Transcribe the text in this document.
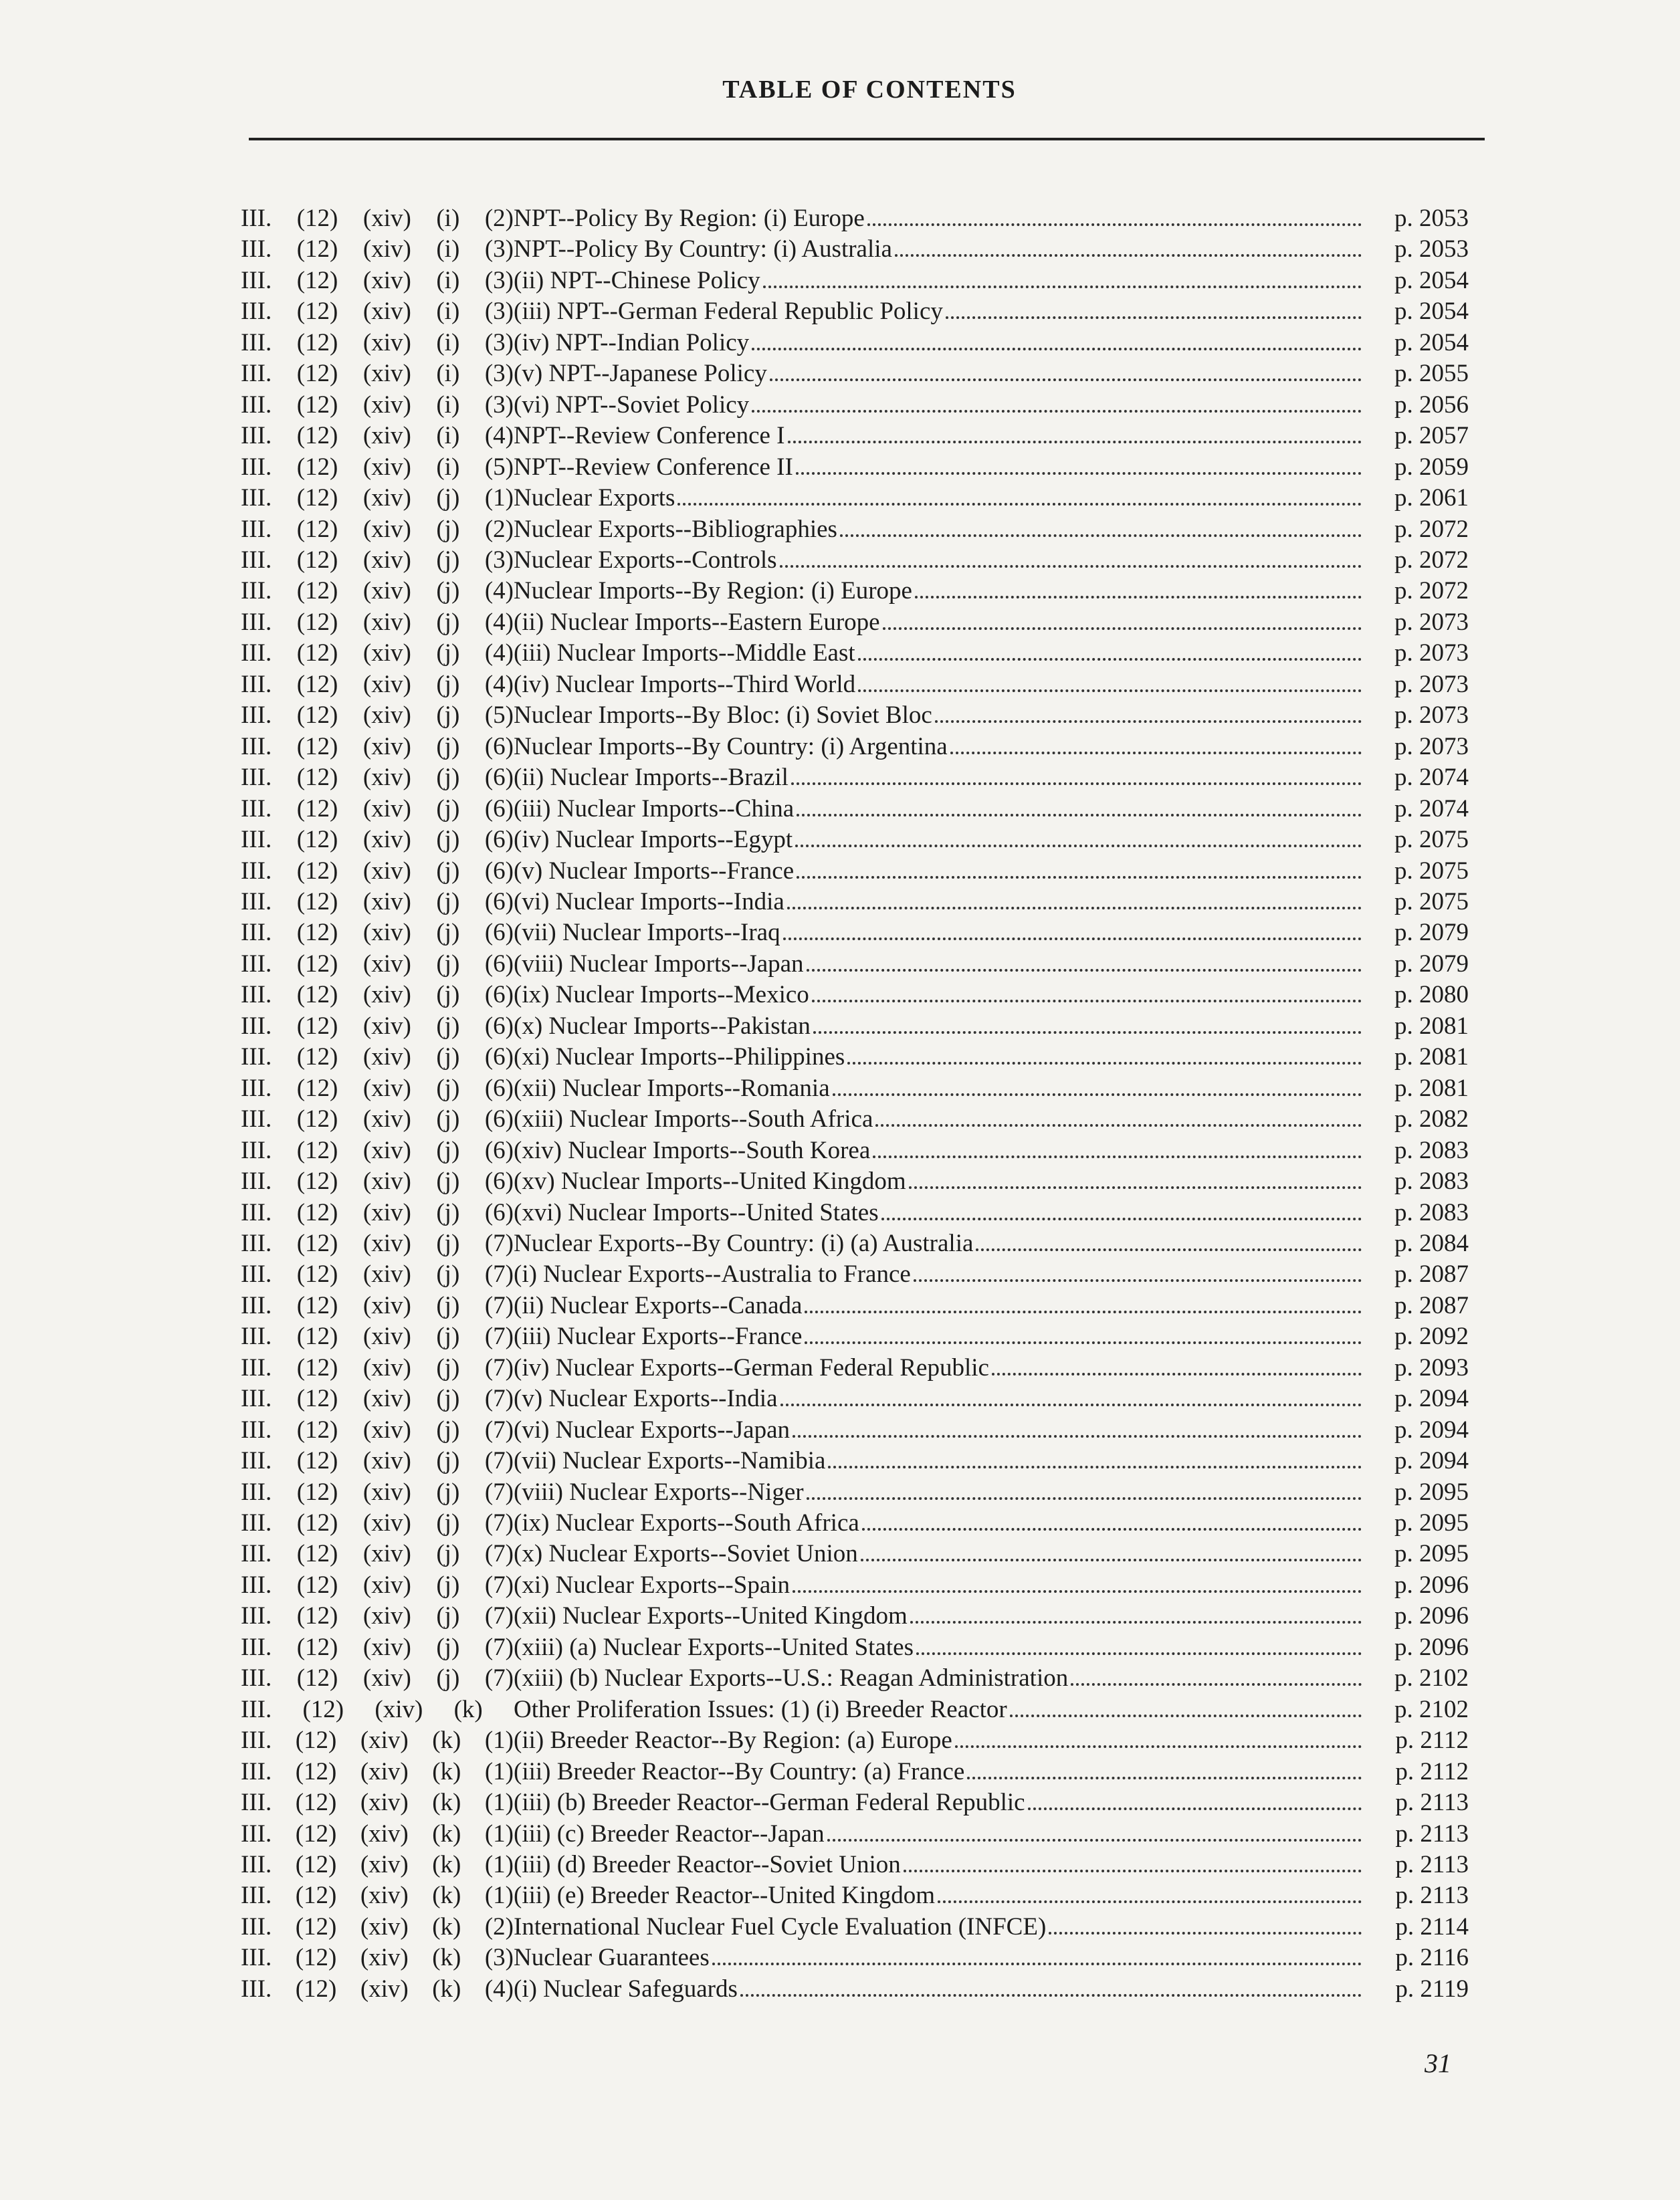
TABLE OF CONTENTS
III. (12) (xiv) (i) (2) NPT--Policy By Region: (i) Europe	p. 2053
III. (12) (xiv) (i) (3) NPT--Policy By Country: (i) Australia	p. 2053
III. (12) (xiv) (i) (3) (ii) NPT--Chinese Policy	p. 2054
III. (12) (xiv) (i) (3) (iii) NPT--German Federal Republic Policy	p. 2054
III. (12) (xiv) (i) (3) (iv) NPT--Indian Policy	p. 2054
III. (12) (xiv) (i) (3) (v) NPT--Japanese Policy	p. 2055
III. (12) (xiv) (i) (3) (vi) NPT--Soviet Policy	p. 2056
III. (12) (xiv) (i) (4) NPT--Review Conference I	p. 2057
III. (12) (xiv) (i) (5) NPT--Review Conference II	p. 2059
III. (12) (xiv) (j) (1) Nuclear Exports	p. 2061
III. (12) (xiv) (j) (2) Nuclear Exports--Bibliographies	p. 2072
III. (12) (xiv) (j) (3) Nuclear Exports--Controls	p. 2072
III. (12) (xiv) (j) (4) Nuclear Imports--By Region: (i) Europe	p. 2072
III. (12) (xiv) (j) (4) (ii) Nuclear Imports--Eastern Europe	p. 2073
III. (12) (xiv) (j) (4) (iii) Nuclear Imports--Middle East	p. 2073
III. (12) (xiv) (j) (4) (iv) Nuclear Imports--Third World	p. 2073
III. (12) (xiv) (j) (5) Nuclear Imports--By Bloc: (i) Soviet Bloc	p. 2073
III. (12) (xiv) (j) (6) Nuclear Imports--By Country: (i) Argentina	p. 2073
III. (12) (xiv) (j) (6) (ii) Nuclear Imports--Brazil	p. 2074
III. (12) (xiv) (j) (6) (iii) Nuclear Imports--China	p. 2074
III. (12) (xiv) (j) (6) (iv) Nuclear Imports--Egypt	p. 2075
III. (12) (xiv) (j) (6) (v) Nuclear Imports--France	p. 2075
III. (12) (xiv) (j) (6) (vi) Nuclear Imports--India	p. 2075
III. (12) (xiv) (j) (6) (vii) Nuclear Imports--Iraq	p. 2079
III. (12) (xiv) (j) (6) (viii) Nuclear Imports--Japan	p. 2079
III. (12) (xiv) (j) (6) (ix) Nuclear Imports--Mexico	p. 2080
III. (12) (xiv) (j) (6) (x) Nuclear Imports--Pakistan	p. 2081
III. (12) (xiv) (j) (6) (xi) Nuclear Imports--Philippines	p. 2081
III. (12) (xiv) (j) (6) (xii) Nuclear Imports--Romania	p. 2081
III. (12) (xiv) (j) (6) (xiii) Nuclear Imports--South Africa	p. 2082
III. (12) (xiv) (j) (6) (xiv) Nuclear Imports--South Korea	p. 2083
III. (12) (xiv) (j) (6) (xv) Nuclear Imports--United Kingdom	p. 2083
III. (12) (xiv) (j) (6) (xvi) Nuclear Imports--United States	p. 2083
III. (12) (xiv) (j) (7) Nuclear Exports--By Country: (i) (a) Australia	p. 2084
III. (12) (xiv) (j) (7) (i) Nuclear Exports--Australia to France	p. 2087
III. (12) (xiv) (j) (7) (ii) Nuclear Exports--Canada	p. 2087
III. (12) (xiv) (j) (7) (iii) Nuclear Exports--France	p. 2092
III. (12) (xiv) (j) (7) (iv) Nuclear Exports--German Federal Republic	p. 2093
III. (12) (xiv) (j) (7) (v) Nuclear Exports--India	p. 2094
III. (12) (xiv) (j) (7) (vi) Nuclear Exports--Japan	p. 2094
III. (12) (xiv) (j) (7) (vii) Nuclear Exports--Namibia	p. 2094
III. (12) (xiv) (j) (7) (viii) Nuclear Exports--Niger	p. 2095
III. (12) (xiv) (j) (7) (ix) Nuclear Exports--South Africa	p. 2095
III. (12) (xiv) (j) (7) (x) Nuclear Exports--Soviet Union	p. 2095
III. (12) (xiv) (j) (7) (xi) Nuclear Exports--Spain	p. 2096
III. (12) (xiv) (j) (7) (xii) Nuclear Exports--United Kingdom	p. 2096
III. (12) (xiv) (j) (7) (xiii) (a) Nuclear Exports--United States	p. 2096
III. (12) (xiv) (j) (7) (xiii) (b) Nuclear Exports--U.S.: Reagan Administration	p. 2102
III. (12) (xiv) (k) Other Proliferation Issues: (1) (i) Breeder Reactor	p. 2102
III. (12) (xiv) (k) (1) (ii) Breeder Reactor--By Region: (a) Europe	p. 2112
III. (12) (xiv) (k) (1) (iii) Breeder Reactor--By Country: (a) France	p. 2112
III. (12) (xiv) (k) (1) (iii) (b) Breeder Reactor--German Federal Republic	p. 2113
III. (12) (xiv) (k) (1) (iii) (c) Breeder Reactor--Japan	p. 2113
III. (12) (xiv) (k) (1) (iii) (d) Breeder Reactor--Soviet Union	p. 2113
III. (12) (xiv) (k) (1) (iii) (e) Breeder Reactor--United Kingdom	p. 2113
III. (12) (xiv) (k) (2) International Nuclear Fuel Cycle Evaluation (INFCE)	p. 2114
III. (12) (xiv) (k) (3) Nuclear Guarantees	p. 2116
III. (12) (xiv) (k) (4) (i) Nuclear Safeguards	p. 2119
31
